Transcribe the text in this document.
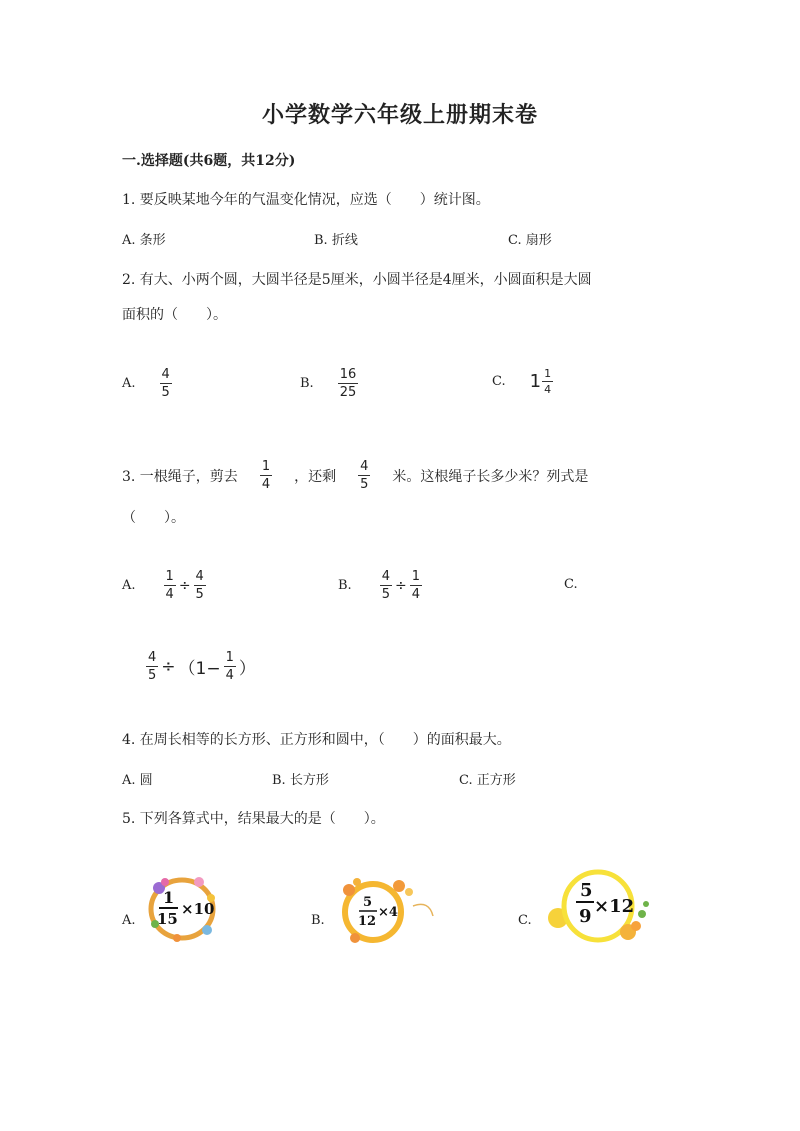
小学数学六年级上册期末卷
一.选择题(共6题，共12分)
1. 要反映某地今年的气温变化情况，应选（　　）统计图。
A. 条形	B. 折线	C. 扇形
2. 有大、小两个圆，大圆半径是5厘米，小圆半径是4厘米，小圆面积是大圆
面积的（　　）。
A. $\frac{4}{5}$	B. $\frac{16}{25}$	C. $1 \frac{1}{4}$
3. 一根绳子，剪去 $\frac{1}{4}$ ，还剩 $\frac{4}{5}$ 米。这根绳子长多少米？列式是
（　　）。
A. $\frac{1}{4} \div \frac{4}{5}$	B. $\frac{4}{5} \div \frac{1}{4}$	C.
$\frac{4}{5} \div (1- \frac{1}{4}$ ）
4. 在周长相等的长方形、正方形和圆中，（　　）的面积最大。
A. 圆	B. 长方形	C. 正方形
5. 下列各算式中，结果最大的是（　　）。
A.
1
15
×10
B.
5
12
×4
C.
5
9 ×12
